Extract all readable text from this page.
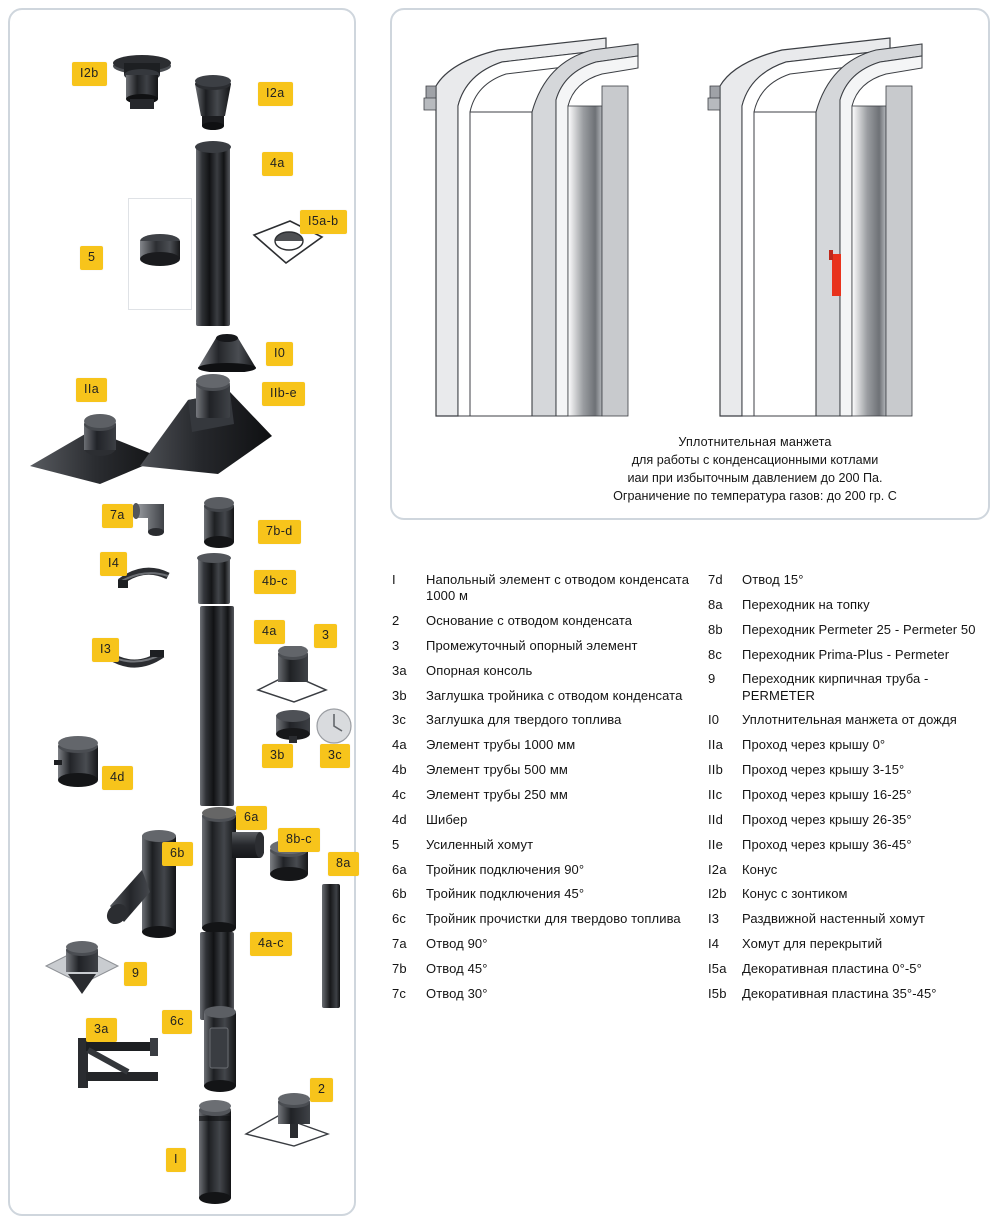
I2b
I2a
4a
I5a-b
5
I0
IIa	IIb-e
7a
7b-d
I4
4b-c
I3
4a	3
3b	3c
4d
6a
8b-c
6b
8a
4a-c
9
3a
6c
2
I
Уплотнительная манжета
для работы с конденсационными котлами
иаи при избыточным давлением до 200 Па.
Ограничение по температура газов: до 200 гр. С
I	Напольный элемент с отводом конденсата
1000 м
2	Основание с отводом конденсата
3	Промежуточный опорный элемент
3a	Опорная консоль
3b	Заглушка тройника с отводом конденсата
3c	Заглушка для твердого топлива
4a	Элемент трубы 1000 мм
4b	Элемент трубы 500 мм
4c	Элемент трубы 250 мм
4d	Шибер
5	Усиленный хомут
6a	Тройник подключения 90°
6b	Тройник подключения 45°
6c	Тройник прочистки для твердово топлива
7a	Отвод 90°
7b	Отвод 45°
7c	Отвод 30°
7d	Отвод 15°
8a	Переходник на топку
8b	Переходник Permeter 25 - Permeter 50
8c	Переходник Prima-Plus - Permeter
9	Переходник кирпичная труба - PERMETER
I0	Уплотнительная манжета от дождя
IIa	Проход через крышу 0°
IIb	Проход через крышу 3-15°
IIc	Проход через крышу 16-25°
IId	Проход через крышу 26-35°
IIe	Проход через крышу 36-45°
I2a	Конус
I2b	Конус с зонтиком
I3	Раздвижной настенный хомут
I4	Хомут для перекрытий
I5a	Декоративная пластина 0°-5°
I5b	Декоративная пластина 35°-45°
